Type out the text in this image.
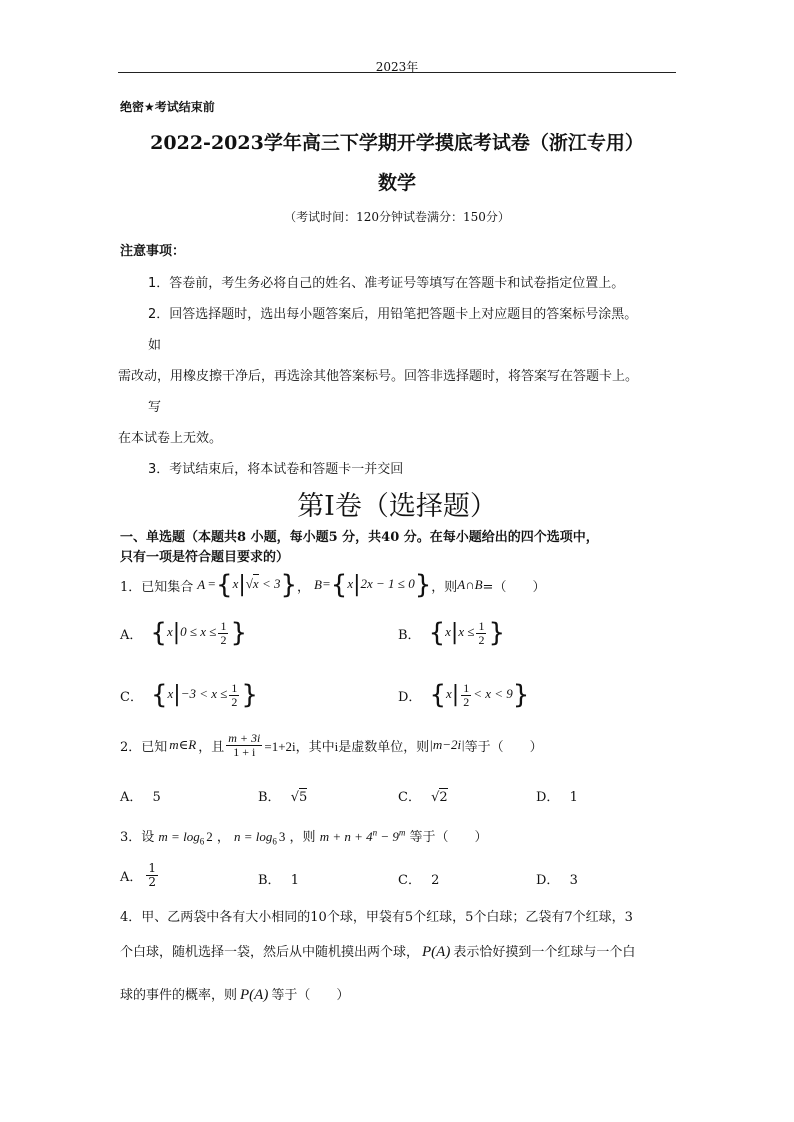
2023年
绝密★考试结束前
2022-2023学年高三下学期开学摸底考试卷（浙江专用）
数学
（考试时间：120分钟试卷满分：150分）
注意事项：
1．答卷前，考生务必将自己的姓名、准考证号等填写在答题卡和试卷指定位置上。
2．回答选择题时，选出每小题答案后，用铅笔把答题卡上对应题目的答案标号涂黑。
如
需改动，用橡皮擦干净后，再选涂其他答案标号。回答非选择题时，将答案写在答题卡上。
写
在本试卷上无效。
3．考试结束后，将本试卷和答题卡一并交回
第Ⅰ卷（选择题）
一、单选题（本题共8 小题，每小题5 分，共40 分。在每小题给出的四个选项中，
只有一项是符合题目要求的）
1．已知集合 A ={x|√x < 3} ， B ={x|2x − 1 ≤ 0} ，则 A∩B =（　　）
A． {$x|0 \le x \le \frac{1}{2}$ }	B． {$x|x \le \frac{1}{2}$ }
C． {$x|-3 < x \le \frac{1}{2}$ }	D． $\{x| \frac{1}{2} < x < 9\}$
2．已知 m∈R ，且 $\frac{m + 3i}{1 + i} =1+2i$，其中i是虚数单位，则 |m−2i| 等于（　　）
A． 5	B． √5	C． √2	D． 1
3．设 $m = \log_6 2$ ， $n = \log_6 3$ ，则 $m + n + 4^n - 9^m$ 等于（　　）
A． $\frac{1}{2}$	B． 1	C． 2	D． 3
4．甲、乙两袋中各有大小相同的10个球，甲袋有5个红球，5个白球；乙袋有7个红球，3
个白球，随机选择一袋，然后从中随机摸出两个球， P(A) 表示恰好摸到一个红球与一个白
球的事件的概率，则 P(A) 等于（　　）
